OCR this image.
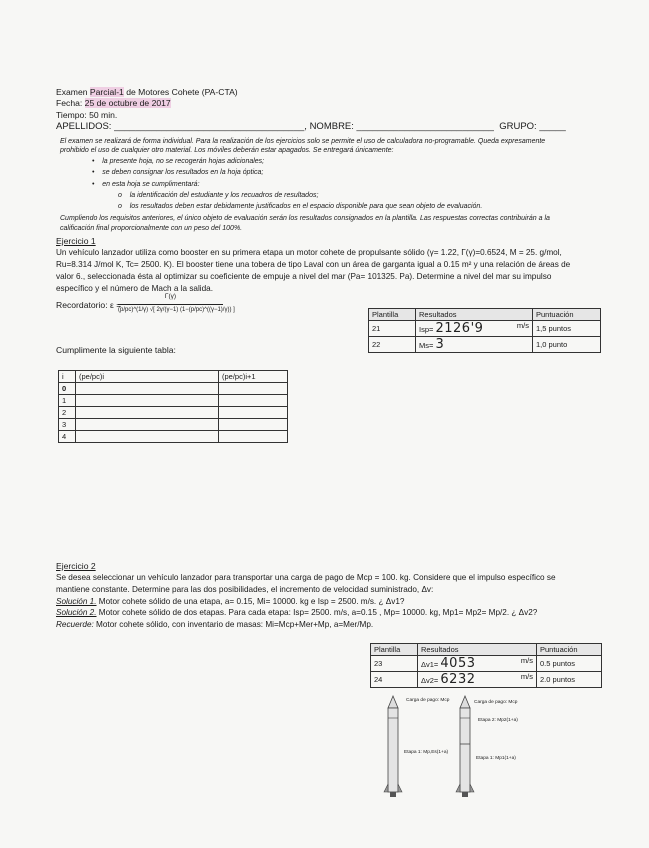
Examen Parcial-1 de Motores Cohete (PA-CTA)
Fecha: 25 de octubre de 2017
Tiempo: 50 min.
APELLIDOS: ____________________________________, NOMBRE: __________________________ GRUPO: _____
El examen se realizará de forma individual. Para la realización de los ejercicios solo se permite el uso de calculadora no-programable. Queda expresamente
prohibido el uso de cualquier otro material. Los móviles deberán estar apagados. Se entregará únicamente:
•    la presente hoja, no se recogerán hojas adicionales;
•    se deben consignar los resultados en la hoja óptica;
•    en esta hoja se cumplimentará:
o    la identificación del estudiante y los recuadros de resultados;
o    los resultados deben estar debidamente justificados en el espacio disponible para que sean objeto de evaluación.
Cumpliendo los requisitos anteriores, el único objeto de evaluación serán los resultados consignados en la plantilla. Las respuestas correctas contribuirán a la
calificación final proporcionalmente con un peso del 100%.
Ejercicio 1
Un vehículo lanzador utiliza como booster en su primera etapa un motor cohete de propulsante sólido (γ= 1.22, Γ(γ)=0.6524, M = 25. g/mol,
Ru=8.314 J/mol K, Tc= 2500. K). El booster tiene una tobera de tipo Laval con un área de garganta igual a 0.15 m² y una relación de áreas de
valor 6., seleccionada ésta al optimizar su coeficiente de empuje a nivel del mar (Pa= 101325. Pa). Determine a nivel del mar su impulso
específico y el número de Mach a la salida.
Recordatorio: ε =
Γ(γ)
(p/pc)^(1/γ) √[ 2γ/(γ−1) (1−(p/pc)^((γ−1)/γ)) ]	Plantilla	Resultados	Puntuación
21	Isp= 2126'9 m/s	1,5 puntos
22	Ms= 3	1,0 punto
Cumplimente la siguiente tabla:
i	(pe/pc)i	(pe/pc)i+1
0		
1		
2		
3		
4		
Ejercicio 2
Se desea seleccionar un vehículo lanzador para transportar una carga de pago de Mcp = 100. kg. Considere que el impulso específico se
mantiene constante. Determine para las dos posibilidades, el incremento de velocidad suministrado, Δv:
Solución 1. Motor cohete sólido de una etapa, a= 0.15, Mi= 10000. kg e Isp = 2500. m/s. ¿ Δv1?
Solución 2. Motor cohete sólido de dos etapas. Para cada etapa: Isp= 2500. m/s, a=0.15 , Mp= 10000. kg, Mp1= Mp2= Mp/2. ¿ Δv2?
Recuerde: Motor cohete sólido, con inventario de masas: Mi=Mcp+Mer+Mp, a=Mer/Mp.
Plantilla	Resultados	Puntuación
23	Δv1= 4053 m/s	0.5 puntos
24	Δv2= 6232 m/s	2.0 puntos
Carga de pago: Mcp
Etapa 1: Mp,Es(1+a)
Carga de pago: Mcp
Etapa 2: Mp2(1+a)
Etapa 1: Mp1(1+a)
